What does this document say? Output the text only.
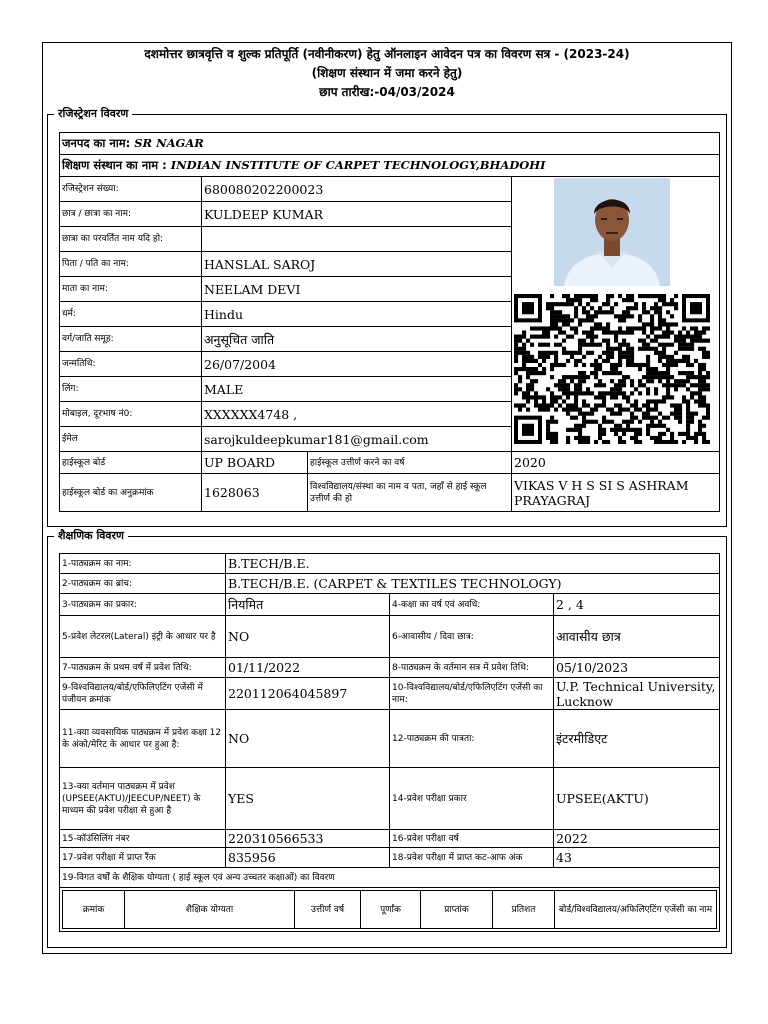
दशमोत्तर छात्रवृत्ति व शुल्क प्रतिपूर्ति (नवीनीकरण) हेतु ऑनलाइन आवेदन पत्र का विवरण सत्र - (2023-24)
(शिक्षण संस्थान में जमा करने हेतु)
छाप तारीख:-04/03/2024
रजिस्ट्रेशन विवरण
जनपद का नाम: SR NAGAR			
शिक्षण संस्थान का नाम : INDIAN INSTITUTE OF CARPET TECHNOLOGY,BHADOHI			
रजिस्ट्रेशन संख्या:	680080202200023		
छात्र / छात्रा का नाम:	KULDEEP KUMAR		
छात्रा का परवर्तित नाम यदि हो:			
पिता / पति का नाम:	HANSLAL SAROJ		
माता का नाम:	NEELAM DEVI		
धर्म:	Hindu		
वर्ग/जाति समूह:	अनुसूचित जाति		
जन्मतिथि:	26/07/2004		
लिंग:	MALE		
मोबाइल, दूरभाष नं0:	XXXXXX4748 ,		
ईमेल	sarojkuldeepkumar181@gmail.com		
हाईस्कूल बोर्ड	UP BOARD	हाईस्कूल उत्तीर्ण करने का वर्ष	2020
हाईस्कूल बोर्ड का अनुक्रमांक	1628063	विश्वविद्यालय/संस्था का नाम व पता, जहाँ से हाई स्कूल उत्तीर्ण की हो	VIKAS V H S SI S ASHRAM PRAYAGRAJ
शैक्षणिक विवरण
1-पाठ्यक्रम का नाम:	B.TECH/B.E.
2-पाठ्यक्रम का ब्रांच:	B.TECH/B.E. (CARPET & TEXTILES TECHNOLOGY)
3-पाठ्यक्रम का प्रकार:	नियमित	4-कक्षा का वर्ष एवं अवधि:	2 , 4
5-प्रवेश लेटरल(Lateral) इंट्री के आधार पर है	NO	6-आवासीय / दिवा छात्र:	आवासीय छात्र
7-पाठ्यक्रम के प्रथम वर्ष में प्रवेश तिथि:	01/11/2022	8-पाठ्यक्रम के वर्तमान सत्र में प्रवेश तिथि:	05/10/2023
9-विश्वविद्यालय/बोर्ड/एफिलिएटिंग एजेंसी में पंजीयन क्रमांक	220112064045897	10-विश्वविद्यालय/बोर्ड/एफिलिएटिंग एजेंसी का नाम:	U.P. Technical University, Lucknow
11-क्या व्यवसायिक पाठ्यक्रम में प्रवेश कक्षा 12 के अंको/मेरिट के आधार पर हुआ है:	NO	12-पाठ्यक्रम की पात्रता:	इंटरमीडिएट
13-क्या वर्तमान पाठ्यक्रम में प्रवेश (UPSEE(AKTU)/JEECUP/NEET) के माध्यम की प्रवेश परीक्षा से हुआ है	YES	14-प्रवेश परीक्षा प्रकार	UPSEE(AKTU)
15-कॉउंसिलिंग नंबर	220310566533	16-प्रवेश परीक्षा वर्ष	2022
17-प्रवेश परीक्षा में प्राप्त रैंक	835956	18-प्रवेश परीक्षा में प्राप्त कट-आफ अंक	43
19-विगत वर्षों के शैक्षिक योग्यता ( हाई स्कूल एवं अन्य उच्चतर कक्षाओं) का विवरण

क्रमांक	शैक्षिक योग्यता	उत्तीर्ण वर्ष	पूर्णांक	प्राप्तांक	प्रतिशत	बोर्ड/विश्वविद्यालय/अफिलिएटिंग एजेंसी का नाम
